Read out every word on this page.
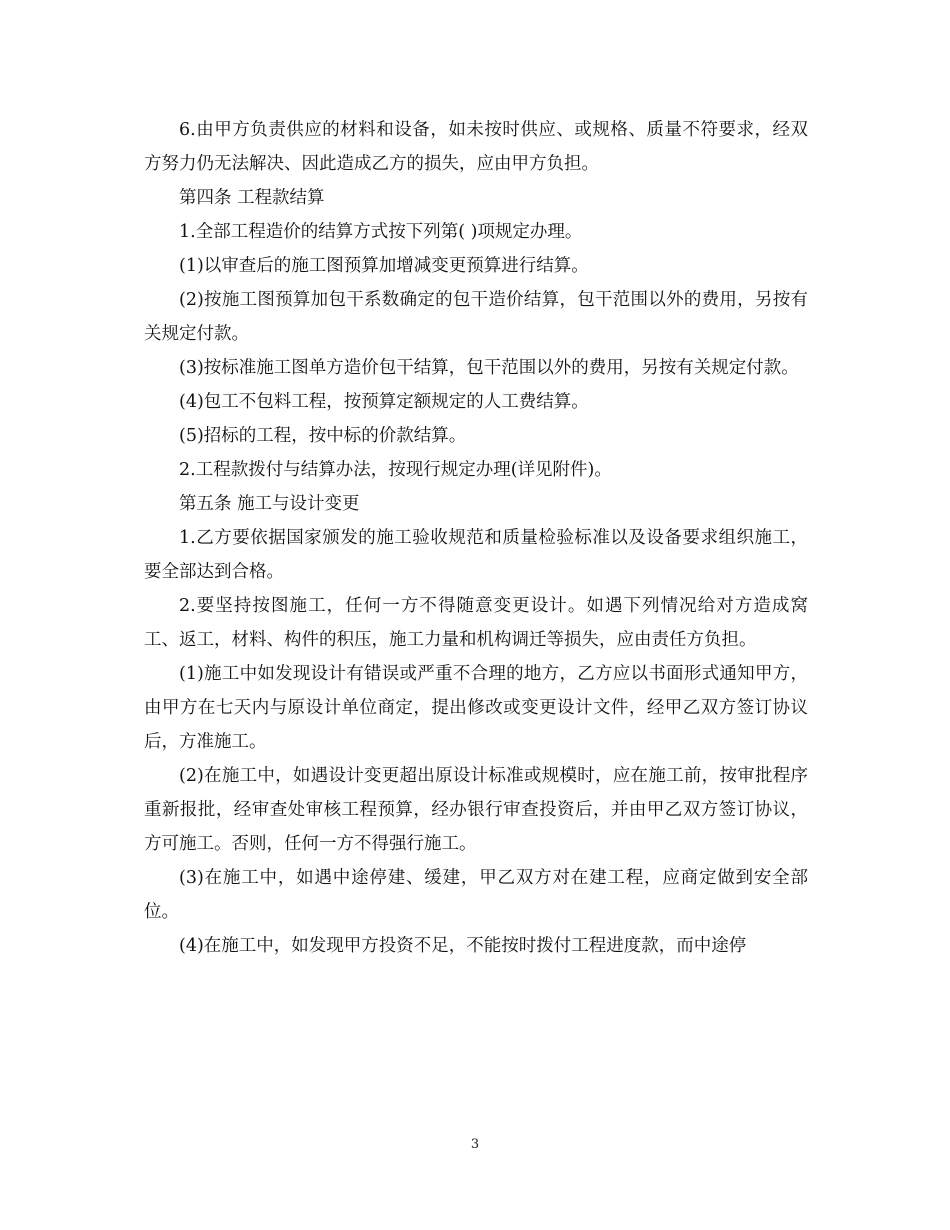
6.由甲方负责供应的材料和设备，如未按时供应、或规格、质量不符要求，经双方努力仍无法解决、因此造成乙方的损失，应由甲方负担。

第四条 工程款结算

1.全部工程造价的结算方式按下列第( )项规定办理。

(1)以审查后的施工图预算加增减变更预算进行结算。

(2)按施工图预算加包干系数确定的包干造价结算，包干范围以外的费用，另按有关规定付款。

(3)按标准施工图单方造价包干结算，包干范围以外的费用，另按有关规定付款。

(4)包工不包料工程，按预算定额规定的人工费结算。

(5)招标的工程，按中标的价款结算。

2.工程款拨付与结算办法，按现行规定办理(详见附件)。

第五条 施工与设计变更

1.乙方要依据国家颁发的施工验收规范和质量检验标准以及设备要求组织施工，要全部达到合格。

2.要坚持按图施工，任何一方不得随意变更设计。如遇下列情况给对方造成窝工、返工，材料、构件的积压，施工力量和机构调迁等损失，应由责任方负担。

(1)施工中如发现设计有错误或严重不合理的地方，乙方应以书面形式通知甲方，由甲方在七天内与原设计单位商定，提出修改或变更设计文件，经甲乙双方签订协议后，方准施工。

(2)在施工中，如遇设计变更超出原设计标准或规模时，应在施工前，按审批程序重新报批，经审查处审核工程预算，经办银行审查投资后，并由甲乙双方签订协议，方可施工。否则，任何一方不得强行施工。

(3)在施工中，如遇中途停建、缓建，甲乙双方对在建工程，应商定做到安全部位。

(4)在施工中，如发现甲方投资不足，不能按时拨付工程进度款，而中途停

3
